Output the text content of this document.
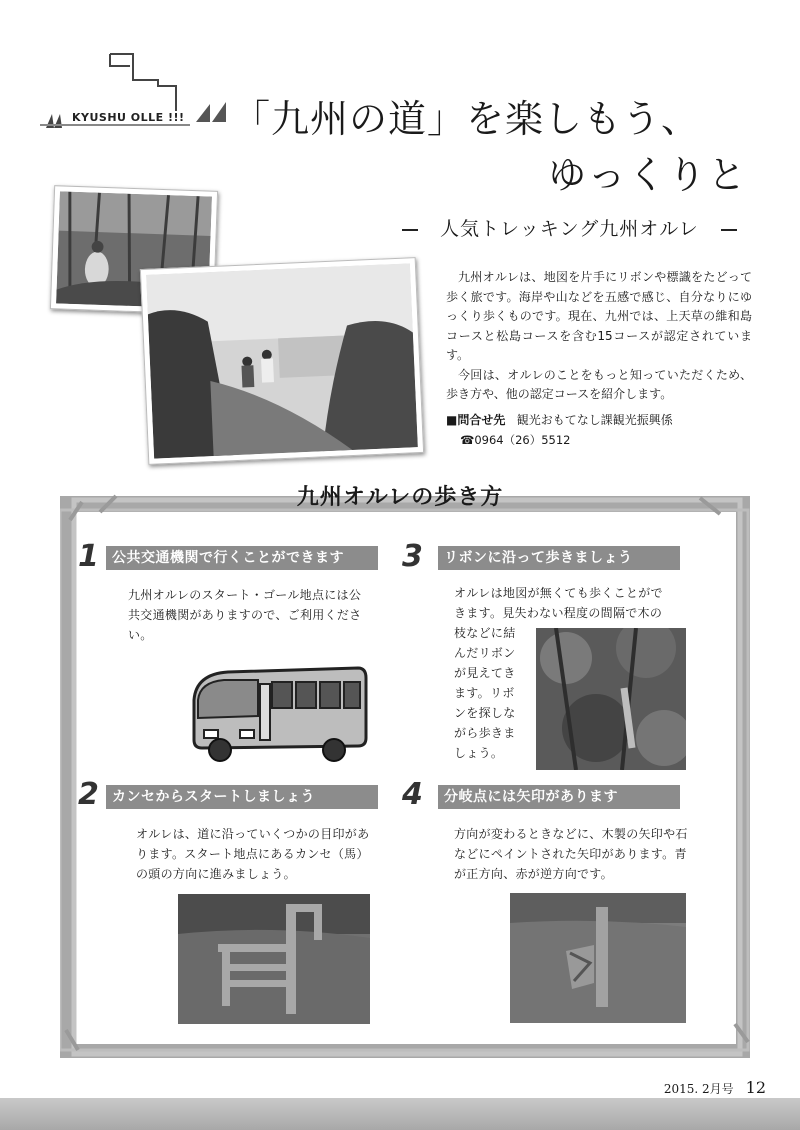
KYUSHU OLLE !!! 「九州の道」を楽しもう、
ゆっくりと
人気トレッキング九州オルレ

九州オルレは、地図を片手にリボンや標識をたどって歩く旅です。海岸や山などを五感で感じ、自分なりにゆっくり歩くものです。現在、九州では、上天草の維和島コースと松島コースを含む15コースが認定されています。

今回は、オルレのことをもっと知っていただくため、歩き方や、他の認定コースを紹介します。

■問合せ先 観光おもてなし課観光振興係
☎0964（26）5512
九州オルレの歩き方
1 公共交通機関で行くことができます
九州オルレのスタート・ゴール地点には公共交通機関がありますので、ご利用ください。
3	リボンに沿って歩きましょう
オルレは地図が無くても歩くことがで
きます。見失わない程度の間隔で木の
枝などに結
んだリボン
が見えてき
ます。リボ
ンを探しな
がら歩きま
しょう。
2 カンセからスタートしましょう
オルレは、道に沿っていくつかの目印があります。スタート地点にあるカンセ（馬）の頭の方向に進みましょう。
4	分岐点には矢印があります
方向が変わるときなどに、木製の矢印や石などにペイントされた矢印があります。青が正方向、赤が逆方向です。
2015. 2月号 12
